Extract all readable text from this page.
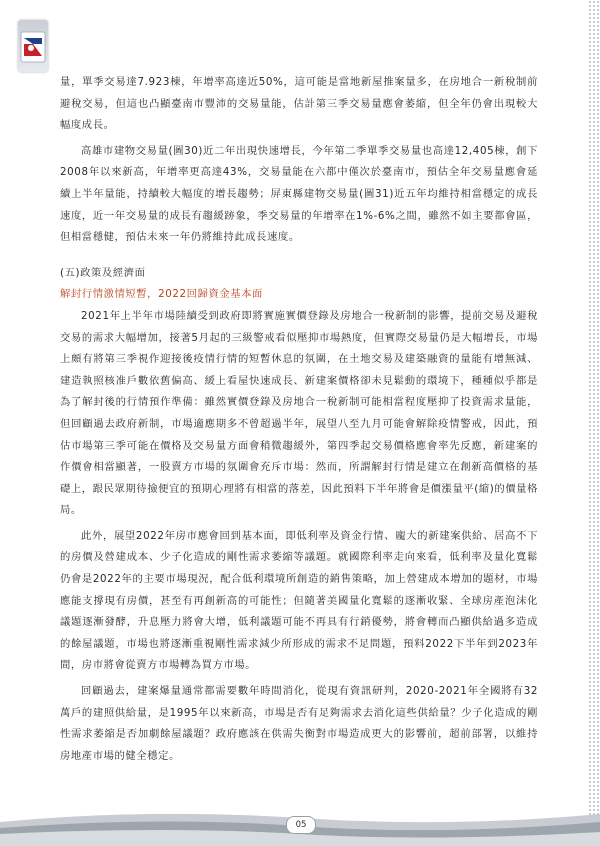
量，單季交易達7.923棟，年增率高達近50%，這可能是當地新屋推案量多，在房地合一新稅制前避稅交易，但這也凸顯臺南市豐沛的交易量能，估計第三季交易量應會萎縮，但全年仍會出現較大幅度成長。

高雄市建物交易量(圖30)近二年出現快速增長，今年第二季單季交易量也高達12,405棟，創下2008年以來新高，年增率更高達43%，交易量能在六都中僅次於臺南市，預估全年交易量應會延續上半年量能，持續較大幅度的增長趨勢；屏東縣建物交易量(圖31)近五年均維持相當穩定的成長速度，近一年交易量的成長有趨緩跡象，季交易量的年增率在1%-6%之間，雖然不如主要都會區，但相當穩健，預估未來一年仍將維持此成長速度。

(五)政策及經濟面

解封行情激情短暫，2022回歸資金基本面

2021年上半年市場陸續受到政府即將實施實價登錄及房地合一稅新制的影響，提前交易及避稅交易的需求大幅增加，接著5月起的三級警戒看似壓抑市場熱度，但實際交易量仍是大幅增長，市場上頗有將第三季視作迎接後疫情行情的短暫休息的氛圍，在土地交易及建築融資的量能有增無減、建造執照核准戶數依舊偏高、緩上看屋快速成長、新建案價格卻未見鬆動的環境下，種種似乎都是為了解封後的行情預作準備：雖然實價登錄及房地合一稅新制可能相當程度壓抑了投資需求量能，但回顧過去政府新制，市場適應期多不曾超過半年，展望八至九月可能會解除疫情警戒，因此，預估市場第三季可能在價格及交易量方面會稍微趨緩外，第四季起交易價格應會率先反應，新建案的作價會相當顯著，一股賣方市場的氛圍會充斥市場：然而，所謂解封行情是建立在創新高價格的基礎上，跟民眾期待撿便宜的預期心理將有相當的落差，因此預料下半年將會是價漲量平(縮)的價量格局。

此外，展望2022年房市應會回到基本面，即低利率及資金行情、龐大的新建案供給、居高不下的房價及營建成本、少子化造成的剛性需求萎縮等議題。就國際利率走向來看，低利率及量化寬鬆仍會是2022年的主要市場現況，配合低利環境所創造的銷售策略，加上營建成本增加的題材，市場應能支撐現有房價，甚至有再創新高的可能性；但隨著美國量化寬鬆的逐漸收緊、全球房產泡沫化議題逐漸發酵，升息壓力將會大增，低利議題可能不再具有行銷優勢，將會轉而凸顯供給過多造成的餘屋議題，市場也將逐漸重視剛性需求減少所形成的需求不足問題，預料2022下半年到2023年間，房市將會從賣方市場轉為買方市場。

回顧過去，建案爆量通常都需要數年時間消化，從現有資訊研判，2020-2021年全國將有32萬戶的建照供給量，是1995年以來新高，市場是否有足夠需求去消化這些供給量？少子化造成的剛性需求萎縮是否加劇餘屋議題？政府應該在供需失衡對市場造成更大的影響前，超前部署，以維持房地產市場的健全穩定。

05
